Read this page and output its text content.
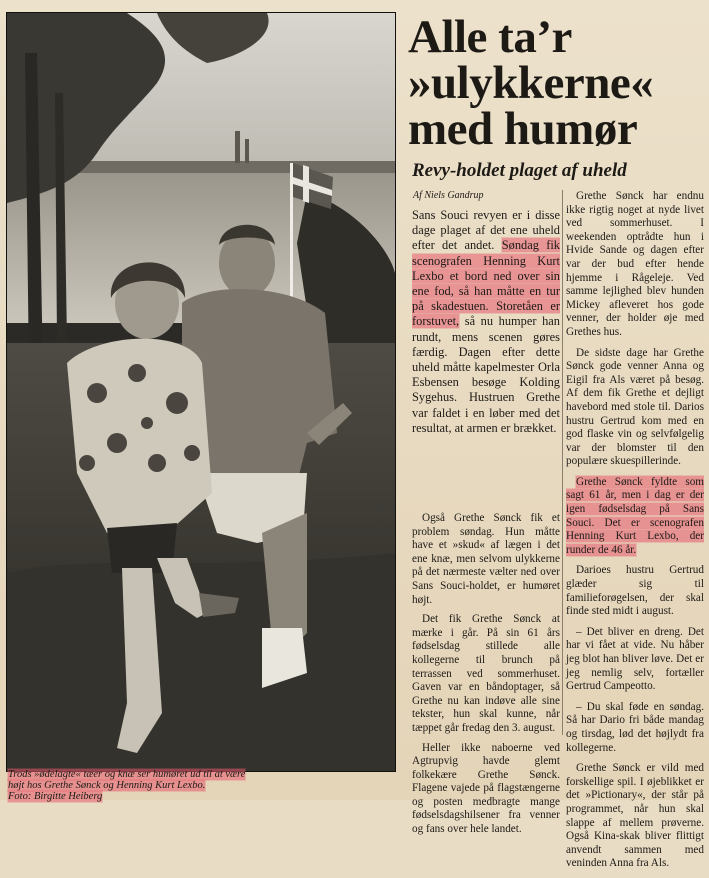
Alle ta’r
»ulykkerne«
med humør
Revy-holdet plaget af uheld
Af Niels Gandrup

Sans Souci revyen er i disse dage plaget af det ene uheld efter det andet. Søndag fik scenografen Henning Kurt Lexbo et bord ned over sin ene fod, så han måtte en tur på skadestuen. Storetåen er forstuvet, så nu humper han rundt, mens scenen gøres færdig. Dagen efter dette uheld måtte kapelmester Orla Esbensen besøge Kolding Sygehus. Hustruen Grethe var faldet i en løber med det resultat, at armen er brækket.

Også Grethe Sønck fik et problem søndag. Hun måtte have et »skud« af lægen i det ene knæ, men selvom ulykkerne på det nærmeste vælter ned over Sans Souci-holdet, er humøret højt.

Det fik Grethe Sønck at mærke i går. På sin 61 års fødselsdag stillede alle kollegerne til brunch på terrassen ved sommerhuset. Gaven var en båndoptager, så Grethe nu kan indøve alle sine tekster, hun skal kunne, når tæppet går fredag den 3. august.

Heller ikke naboerne ved Agtrupvig havde glemt folkekære Grethe Sønck. Flagene vajede på flagstængerne og posten medbragte mange fødselsdagshilsener fra venner og fans over hele landet.

Grethe Sønck har endnu ikke rigtig noget at nyde livet ved sommerhuset. I weekenden optrådte hun i Hvide Sande og dagen efter var der bud efter hende hjemme i Rågeleje. Ved samme lejlighed blev hunden Mickey afleveret hos gode venner, der holder øje med Grethes hus.

De sidste dage har Grethe Sønck gode venner Anna og Eigil fra Als været på besøg. Af dem fik Grethe et dejligt havebord med stole til. Darios hustru Gertrud kom med en god flaske vin og selvfølgelig var der blomster til den populære skuespillerinde.

Grethe Sønck fyldte som sagt 61 år, men i dag er der igen fødselsdag på Sans Souci. Det er scenografen Henning Kurt Lexbo, der runder de 46 år.

Darioes hustru Gertrud glæder sig til familieforøgelsen, der skal finde sted midt i august.

– Det bliver en dreng. Det har vi fået at vide. Nu håber jeg blot han bliver løve. Det er jeg nemlig selv, fortæller Gertrud Campeotto.

– Du skal føde en søndag. Så har Dario fri både mandag og tirsdag, lød det højlydt fra kollegerne.

Grethe Sønck er vild med forskellige spil. I øjeblikket er det »Pictionary«, der står på programmet, når hun skal slappe af mellem prøverne. Også Kina-skak bliver flittigt anvendt sammen med veninden Anna fra Als.

Trods »ødelagte« tæer og knæ ser humøret ud til at være
højt hos Grethe Sønck og Henning Kurt Lexbo.
Foto: Birgitte Heiberg
